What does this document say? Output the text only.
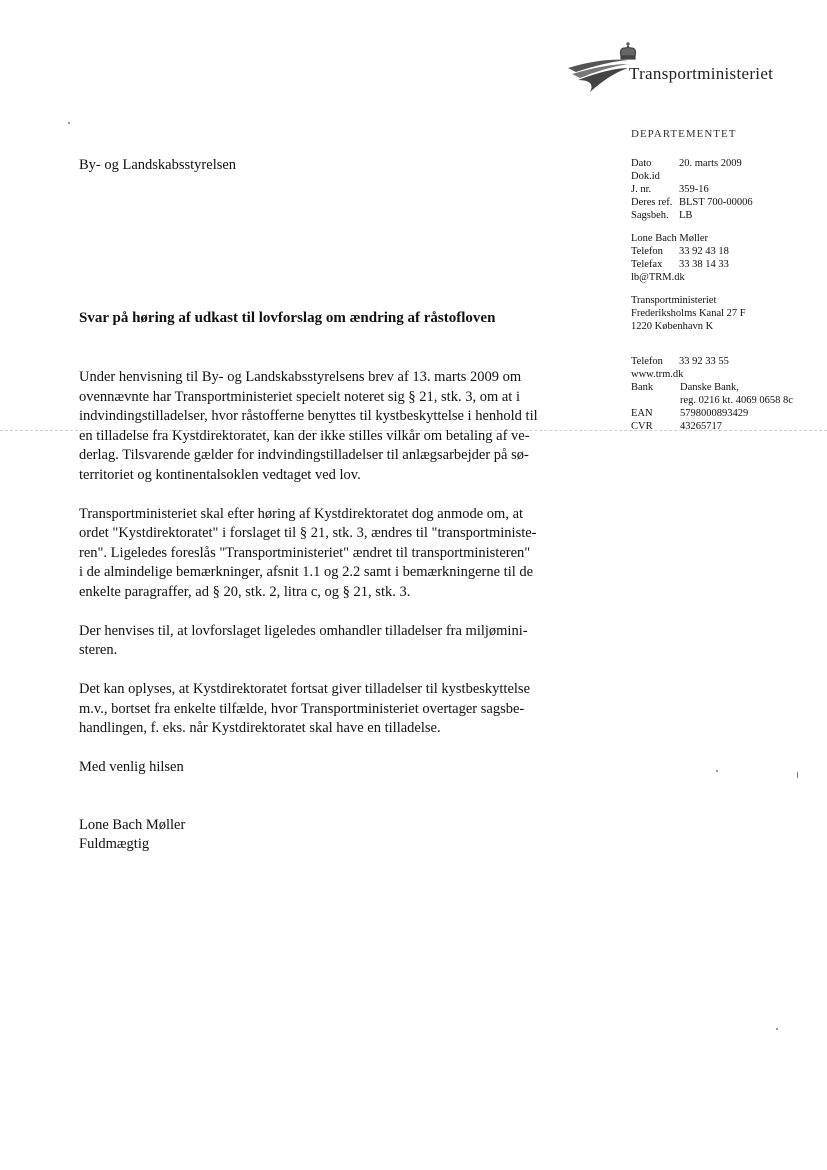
Transportministeriet
DEPARTEMENTET
Dato	20. marts 2009
Dok.id
J. nr.	359-16
Deres ref. BLST 700-00006
Sagsbeh. LB
Lone Bach Møller
Telefon	33 92 43 18
Telefax	33 38 14 33
lb@TRM.dk
Transportministeriet
Frederiksholms Kanal 27 F
1220 København K
Telefon	33 92 33 55
www.trm.dk
Bank	Danske Bank,
reg. 0216 kt. 4069 0658 8c
EAN	5798000893429
CVR	43265717
By- og Landskabsstyrelsen
Svar på høring af udkast til lovforslag om ændring af råstofloven

Under henvisning til By- og Landskabsstyrelsens brev af 13. marts 2009 om
ovennævnte har Transportministeriet specielt noteret sig § 21, stk. 3, om at i
indvindingstilladelser, hvor råstofferne benyttes til kystbeskyttelse i henhold til
en tilladelse fra Kystdirektoratet, kan der ikke stilles vilkår om betaling af ve-
derlag. Tilsvarende gælder for indvindingstilladelser til anlægsarbejder på sø-
territoriet og kontinentalsoklen vedtaget ved lov.

Transportministeriet skal efter høring af Kystdirektoratet dog anmode om, at
ordet "Kystdirektoratet" i forslaget til § 21, stk. 3, ændres til "transportministe-
ren". Ligeledes foreslås "Transportministeriet" ændret til transportministeren"
i de almindelige bemærkninger, afsnit 1.1 og 2.2 samt i bemærkningerne til de
enkelte paragraffer, ad § 20, stk. 2, litra c, og § 21, stk. 3.

Der henvises til, at lovforslaget ligeledes omhandler tilladelser fra miljømini-
steren.

Det kan oplyses, at Kystdirektoratet fortsat giver tilladelser til kystbeskyttelse
m.v., bortset fra enkelte tilfælde, hvor Transportministeriet overtager sagsbe-
handlingen, f. eks. når Kystdirektoratet skal have en tilladelse.

Med venlig hilsen
Lone Bach Møller
Fuldmægtig
